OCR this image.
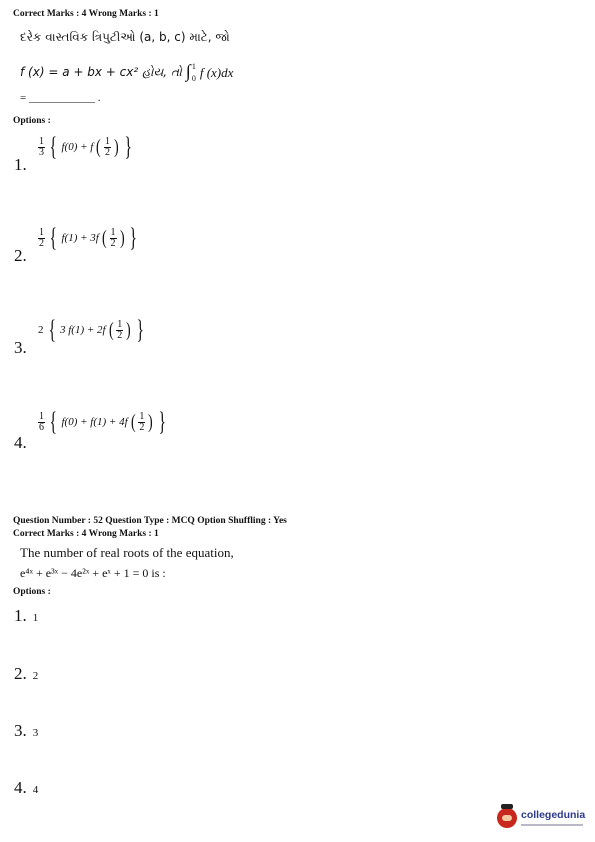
Correct Marks : 4 Wrong Marks : 1
દરેક વાસ્તવિક ત્રિપુટીઓ (a, b, c) માટે, જો
f (x) = a + bx + cx² હોય, તો ∫ 1
0 f (x)dx
= ____________ .
Options :
1.
$\frac{1}{3}$ { f(0) + f ( $\frac{1}{2}$ ) }
2.
$\frac{1}{2}$ { f(1) + 3f ( $\frac{1}{2}$ ) }
3.
2 { 3 f(1) + 2f ( $\frac{1}{2}$ ) }
4.
$\frac{1}{6}$ { f(0) + f(1) + 4f ( $\frac{1}{2}$ ) }
Question Number : 52 Question Type : MCQ Option Shuffling : Yes
Correct Marks : 4 Wrong Marks : 1
The number of real roots of the equation,
e⁴ˣ + e³ˣ − 4e²ˣ + eˣ + 1 = 0 is :
Options :
1. 1
2. 2
3. 3
4. 4
collegedunia
